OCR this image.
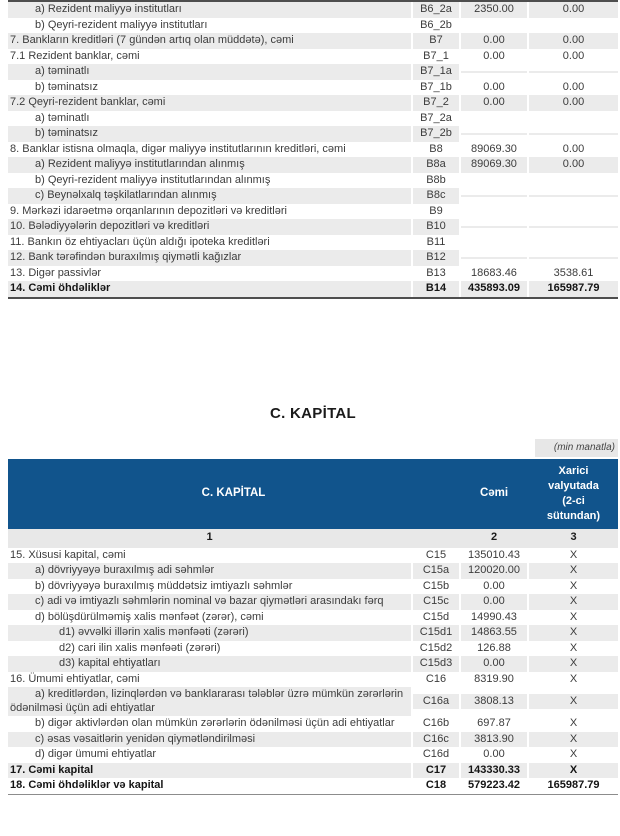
a) Rezident maliyyə institutları	B6_2a	2350.00	0.00
b) Qeyri-rezident maliyyə institutları	B6_2b
7. Bankların kreditləri (7 gündən artıq olan müddətə), cəmi	B7	0.00	0.00
7.1 Rezident banklar, cəmi	B7_1	0.00	0.00
a) təminatlı	B7_1a
b) təminatsız	B7_1b	0.00	0.00
7.2 Qeyri-rezident banklar, cəmi	B7_2	0.00	0.00
a) təminatlı	B7_2a
b) təminatsız	B7_2b
8. Banklar istisna olmaqla, digər maliyyə institutlarının kreditləri, cəmi	B8	89069.30	0.00
a) Rezident maliyyə institutlarından alınmış	B8a	89069.30	0.00
b) Qeyri-rezident maliyyə institutlarından alınmış	B8b
c) Beynəlxalq təşkilatlarından alınmış	B8c
9. Mərkəzi idarəetmə orqanlarının depozitləri və kreditləri	B9
10. Bələdiyyələrin depozitləri və kreditləri	B10
11. Bankın öz ehtiyacları üçün aldığı ipoteka kreditləri	B11
12. Bank tərəfindən buraxılmış qiymətli kağızlar	B12
13. Digər passivlər	B13	18683.46	3538.61
14. Cəmi öhdəliklər	B14	435893.09	165987.79
C. KAPİTAL
(min manatla)
C. KAPİTAL	Cəmi
Xarici valyutada (2-ci sütundan)
1	2	3
15. Xüsusi kapital, cəmi	C15	135010.43	X
a) dövriyyəyə buraxılmış adi səhmlər	C15a	120020.00	X
b) dövriyyəyə buraxılmış müddətsiz imtiyazlı səhmlər	C15b	0.00	X
c) adi və imtiyazlı səhmlərin nominal və bazar qiymətləri arasındakı fərq	C15c	0.00	X
d) bölüşdürülməmiş xalis mənfəət (zərər), cəmi	C15d	14990.43	X
d1) əvvəlki illərin xalis mənfəəti (zərəri)	C15d1	14863.55	X
d2) cari ilin xalis mənfəəti (zərəri)	C15d2	126.88	X
d3) kapital ehtiyatları	C15d3	0.00	X
16. Ümumi ehtiyatlar, cəmi	C16	8319.90	X
a) kreditlərdən, lizinqlərdən və banklararası tələblər üzrə mümkün zərərlərin ödənilməsi üçün adi ehtiyatlar
C16a	3808.13	X
b) digər aktivlərdən olan mümkün zərərlərin ödənilməsi üçün adi ehtiyatlar	C16b	697.87	X
c) əsas vəsaitlərin yenidən qiymətləndirilməsi	C16c	3813.90	X
d) digər ümumi ehtiyatlar	C16d	0.00	X
17. Cəmi kapital	C17	143330.33	X
18. Cəmi öhdəliklər və kapital	C18	579223.42	165987.79
